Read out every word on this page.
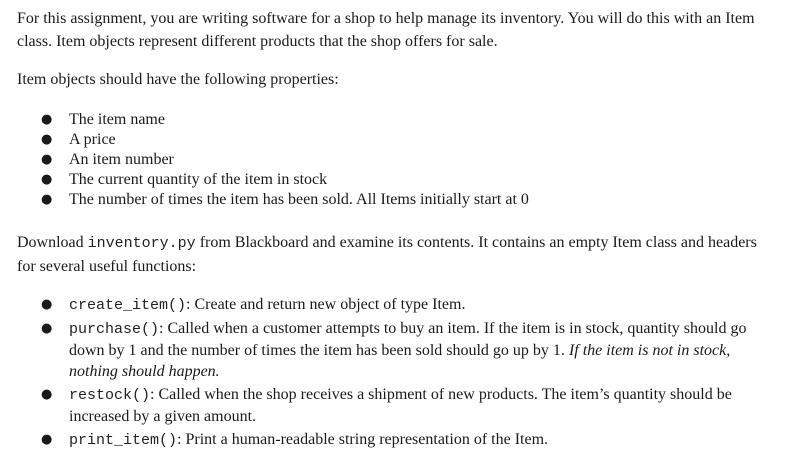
For this assignment, you are writing software for a shop to help manage its inventory. You will do this with an Item class. Item objects represent different products that the shop offers for sale.

Item objects should have the following properties:

● The item name
● A price
● An item number
● The current quantity of the item in stock
● The number of times the item has been sold. All Items initially start at 0

Download inventory.py from Blackboard and examine its contents. It contains an empty Item class and headers for several useful functions:

● create_item(): Create and return new object of type Item.
● purchase(): Called when a customer attempts to buy an item. If the item is in stock, quantity should go down by 1 and the number of times the item has been sold should go up by 1. If the item is not in stock, nothing should happen.
● restock(): Called when the shop receives a shipment of new products. The item’s quantity should be increased by a given amount.
● print_item(): Print a human-readable string representation of the Item.
